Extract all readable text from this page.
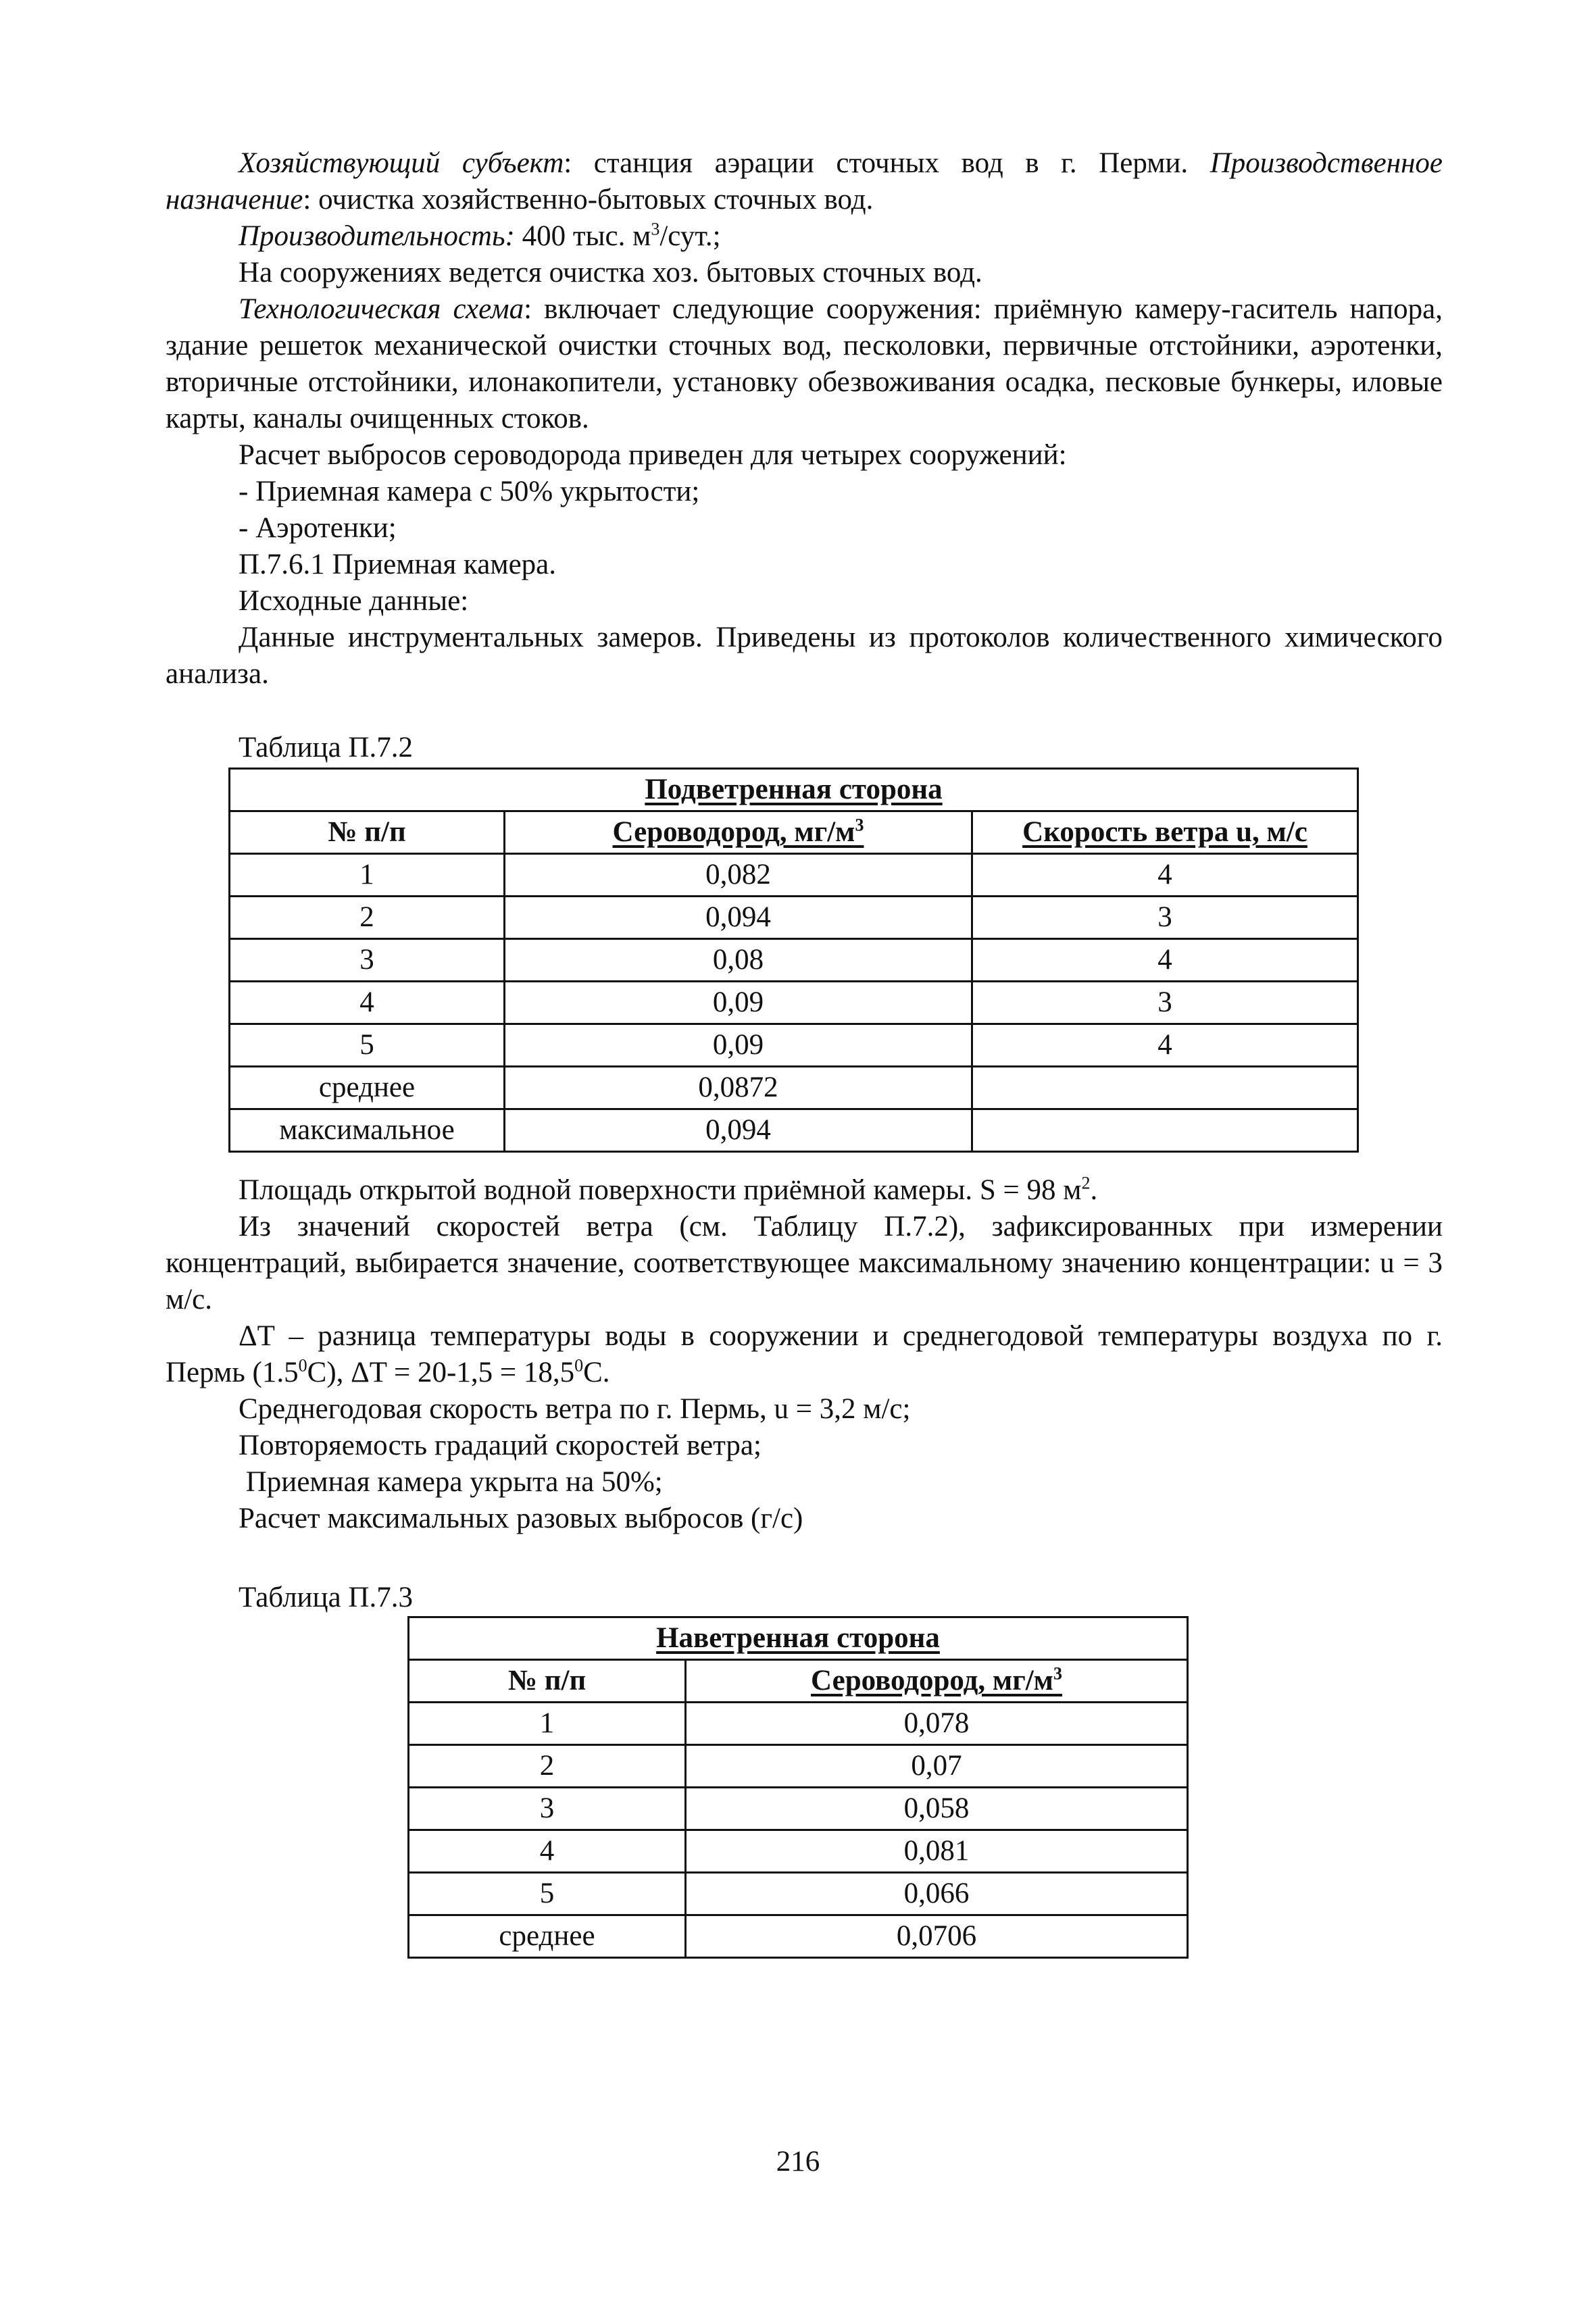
Хозяйствующий субъект: станция аэрации сточных вод в г. Перми. Производственное назначение: очистка хозяйственно-бытовых сточных вод.

Производительность: 400 тыс. $м^3$/сут.;

На сооружениях ведется очистка хоз. бытовых сточных вод.

Технологическая схема: включает следующие сооружения: приёмную камеру-гаситель напора, здание решеток механической очистки сточных вод, песколовки, первичные отстойники, аэротенки, вторичные отстойники, илонакопители, установку обезвоживания осадка, песковые бункеры, иловые карты, каналы очищенных стоков.

Расчет выбросов сероводорода приведен для четырех сооружений:

- Приемная камера с 50% укрытости;

- Аэротенки;

П.7.6.1 Приемная камера.

Исходные данные:

Данные инструментальных замеров. Приведены из протоколов количественного химического анализа.

Таблица П.7.2
Подветренная сторона		
№ п/п	Сероводород, $мг/м^3$	Скорость ветра u, м/с
1	0,082	4
2	0,094	3
3	0,08	4
4	0,09	3
5	0,09	4
среднее	0,0872	
максимальное	0,094	

Площадь открытой водной поверхности приёмной камеры. S = 98 $м^2$.

Из значений скоростей ветра (см. Таблицу П.7.2), зафиксированных при измерении концентраций, выбирается значение, соответствующее максимальному значению концентрации: u = 3 м/с.

ΔT – разница температуры воды в сооружении и среднегодовой температуры воздуха по г. Пермь $(1.5^0С)$, $\Delta T = 20-1,5 = 18,5^0С$.

Среднегодовая скорость ветра по г. Пермь, u = 3,2 м/с;

Повторяемость градаций скоростей ветра;

Приемная камера укрыта на 50%;

Расчет максимальных разовых выбросов (г/с)

Таблица П.7.3
Наветренная сторона	
№ п/п	Сероводород, $мг/м^3$
1	0,078
2	0,07
3	0,058
4	0,081
5	0,066
среднее	0,0706
216
